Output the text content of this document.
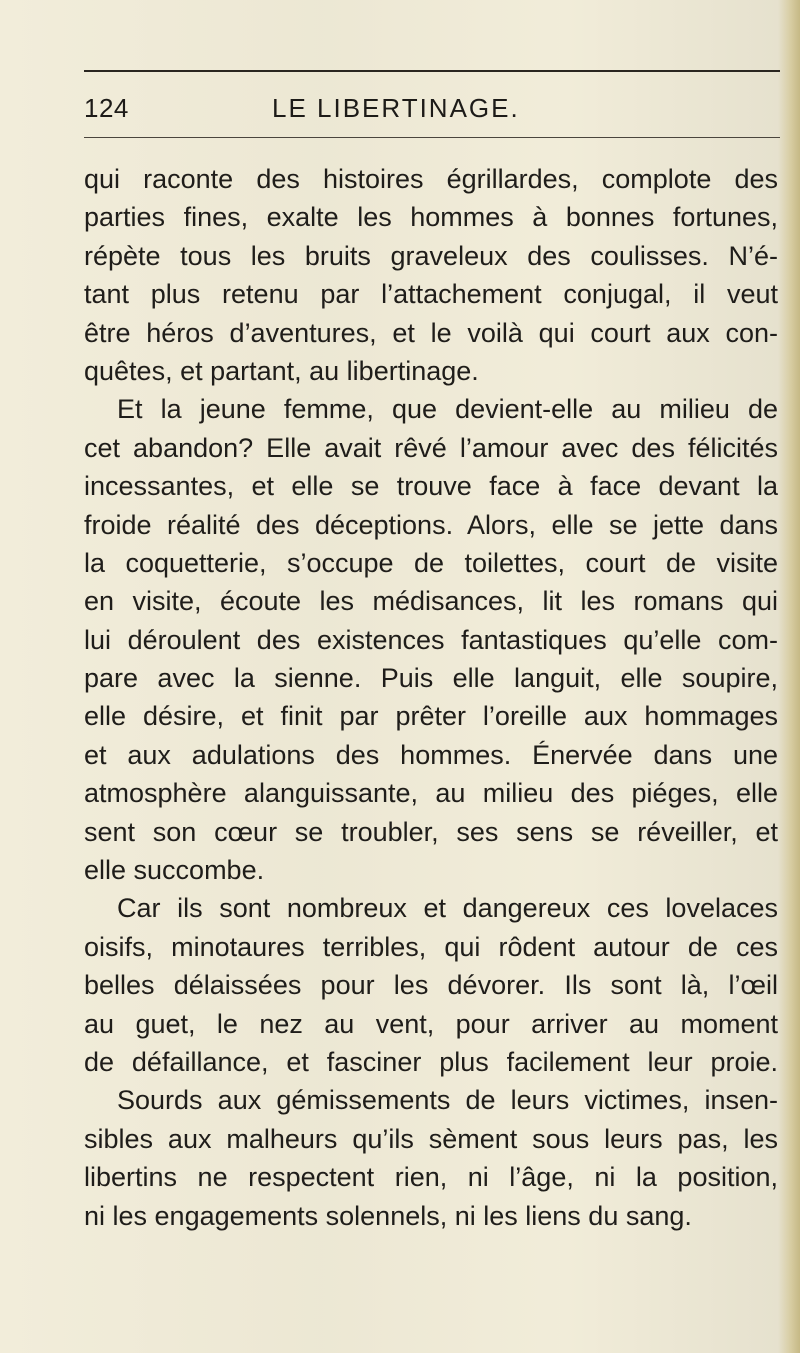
124	LE LIBERTINAGE.
qui raconte des histoires égrillardes, complote des
parties fines, exalte les hommes à bonnes fortunes,
répète tous les bruits graveleux des coulisses. N’é-
tant plus retenu par l’attachement conjugal, il veut
être héros d’aventures, et le voilà qui court aux con-
quêtes, et partant, au libertinage.
Et la jeune femme, que devient-elle au milieu de
cet abandon? Elle avait rêvé l’amour avec des félicités
incessantes, et elle se trouve face à face devant la
froide réalité des déceptions. Alors, elle se jette dans
la coquetterie, s’occupe de toilettes, court de visite
en visite, écoute les médisances, lit les romans qui
lui déroulent des existences fantastiques qu’elle com-
pare avec la sienne. Puis elle languit, elle soupire,
elle désire, et finit par prêter l’oreille aux hommages
et aux adulations des hommes. Énervée dans une
atmosphère alanguissante, au milieu des piéges, elle
sent son cœur se troubler, ses sens se réveiller, et
elle succombe.
Car ils sont nombreux et dangereux ces lovelaces
oisifs, minotaures terribles, qui rôdent autour de ces
belles délaissées pour les dévorer. Ils sont là, l’œil
au guet, le nez au vent, pour arriver au moment
de défaillance, et fasciner plus facilement leur proie.
Sourds aux gémissements de leurs victimes, insen-
sibles aux malheurs qu’ils sèment sous leurs pas, les
libertins ne respectent rien, ni l’âge, ni la position,
ni les engagements solennels, ni les liens du sang.
